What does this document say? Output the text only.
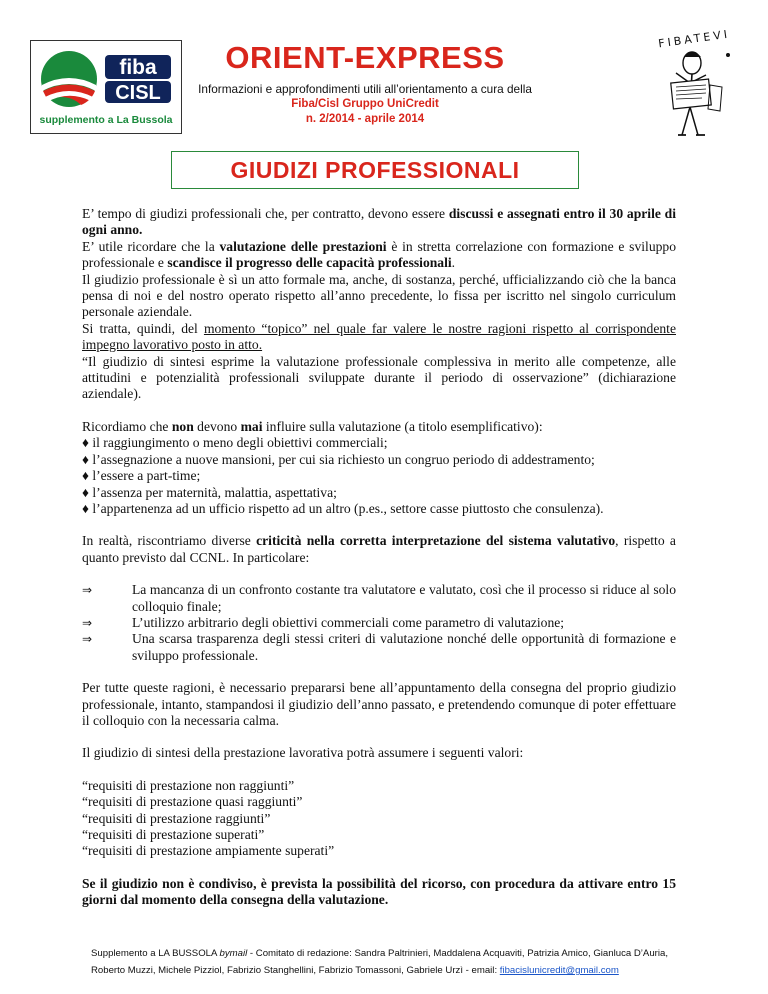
fiba
CISL
supplemento a La Bussola
ORIENT-EXPRESS
Informazioni e approfondimenti utili all’orientamento a cura della
Fiba/Cisl Gruppo UniCredit
n. 2/2014 - aprile 2014
FIBATEVI
GIUDIZI PROFESSIONALI

E’ tempo di giudizi professionali che, per contratto, devono essere discussi e assegnati entro il 30 aprile di ogni anno.

E’ utile ricordare che la valutazione delle prestazioni è in stretta correlazione con formazione e sviluppo professionale e scandisce il progresso delle capacità professionali.

Il giudizio professionale è sì un atto formale ma, anche, di sostanza, perché, ufficializzando ciò che la banca pensa di noi e del nostro operato rispetto all’anno precedente, lo fissa per iscritto nel singolo curriculum personale aziendale.

Si tratta, quindi, del momento “topico” nel quale far valere le nostre ragioni rispetto al corrispondente impegno lavorativo posto in atto.

“Il giudizio di sintesi esprime la valutazione professionale complessiva in merito alle competenze, alle attitudini e potenzialità professionali sviluppate durante il periodo di osservazione” (dichiarazione aziendale).

Ricordiamo che non devono mai influire sulla valutazione (a titolo esemplificativo):

♦ il raggiungimento o meno degli obiettivi commerciali;
♦ l’assegnazione a nuove mansioni, per cui sia richiesto un congruo periodo di addestramento;
♦ l’essere a part-time;
♦ l’assenza per maternità, malattia, aspettativa;
♦ l’appartenenza ad un ufficio rispetto ad un altro (p.es., settore casse piuttosto che consulenza).

In realtà, riscontriamo diverse criticità nella corretta interpretazione del sistema valutativo, rispetto a quanto previsto dal CCNL. In particolare:

⇒	La mancanza di un confronto costante tra valutatore e valutato, così che il processo si riduce al solo colloquio finale;
⇒	L’utilizzo arbitrario degli obiettivi commerciali come parametro di valutazione;
⇒	Una scarsa trasparenza degli stessi criteri di valutazione nonché delle opportunità di formazione e sviluppo professionale.

Per tutte queste ragioni, è necessario prepararsi bene all’appuntamento della consegna del proprio giudizio professionale, intanto, stampandosi il giudizio dell’anno passato, e pretendendo comunque di poter effettuare il colloquio con la necessaria calma.

Il giudizio di sintesi della prestazione lavorativa potrà assumere i seguenti valori:

“requisiti di prestazione non raggiunti”
“requisiti di prestazione quasi raggiunti”
“requisiti di prestazione raggiunti”
“requisiti di prestazione superati”
“requisiti di prestazione ampiamente superati”

Se il giudizio non è condiviso, è prevista la possibilità del ricorso, con procedura da attivare entro 15 giorni dal momento della consegna della valutazione.

Supplemento a LA BUSSOLA bymail - Comitato di redazione: Sandra Paltrinieri, Maddalena Acquaviti, Patrizia Amico, Gianluca D’Auria,
Roberto Muzzi, Michele Pizziol, Fabrizio Stanghellini, Fabrizio Tomassoni, Gabriele Urzì - email: fibacislunicredit@gmail.com
